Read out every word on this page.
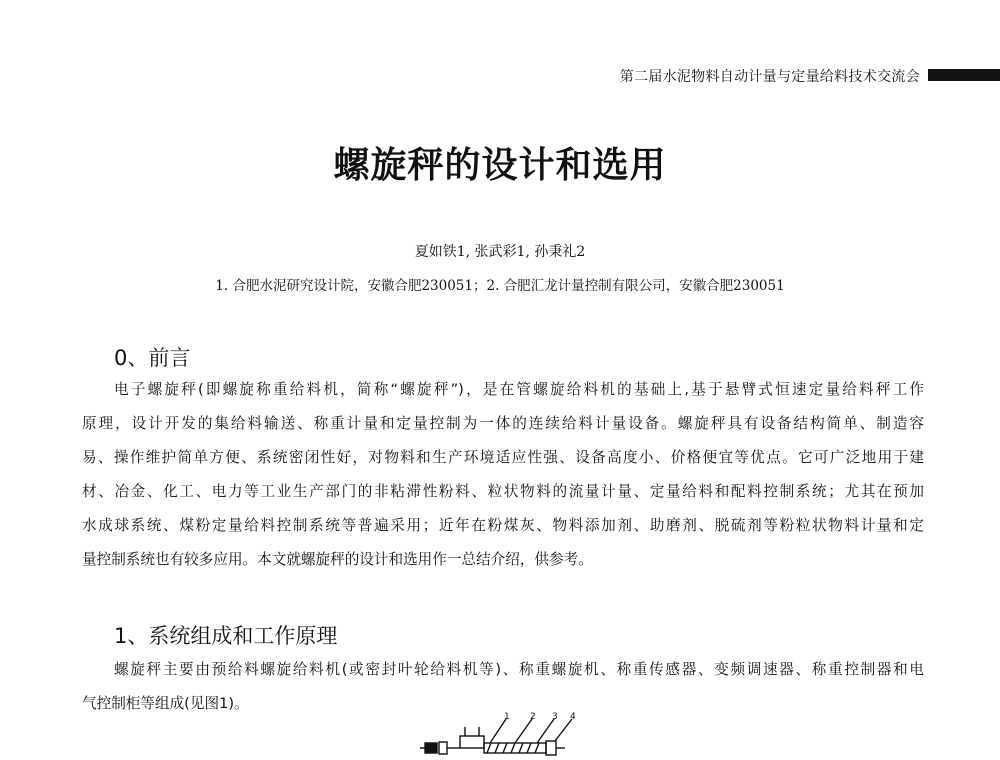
第二届水泥物料自动计量与定量给料技术交流会
螺旋秤的设计和选用
夏如铁1, 张武彩1, 孙秉礼2
1. 合肥水泥研究设计院，安徽合肥230051；2. 合肥汇龙计量控制有限公司，安徽合肥230051
0、前言
电子螺旋秤(即螺旋称重给料机，简称“螺旋秤”)，是在管螺旋给料机的基础上,基于悬臂式恒速定量给料秤工作
原理，设计开发的集给料输送、称重计量和定量控制为一体的连续给料计量设备。螺旋秤具有设备结构简单、制造容
易、操作维护简单方便、系统密闭性好，对物料和生产环境适应性强、设备高度小、价格便宜等优点。它可广泛地用于建
材、冶金、化工、电力等工业生产部门的非粘滞性粉料、粒状物料的流量计量、定量给料和配料控制系统；尤其在预加
水成球系统、煤粉定量给料控制系统等普遍采用；近年在粉煤灰、物料添加剂、助磨剂、脱硫剂等粉粒状物料计量和定
量控制系统也有较多应用。本文就螺旋秤的设计和选用作一总结介绍，供参考。
1、系统组成和工作原理
螺旋秤主要由预给料螺旋给料机(或密封叶轮给料机等)、称重螺旋机、称重传感器、变频调速器、称重控制器和电
气控制柜等组成(见图1)。
1 2 3 4
